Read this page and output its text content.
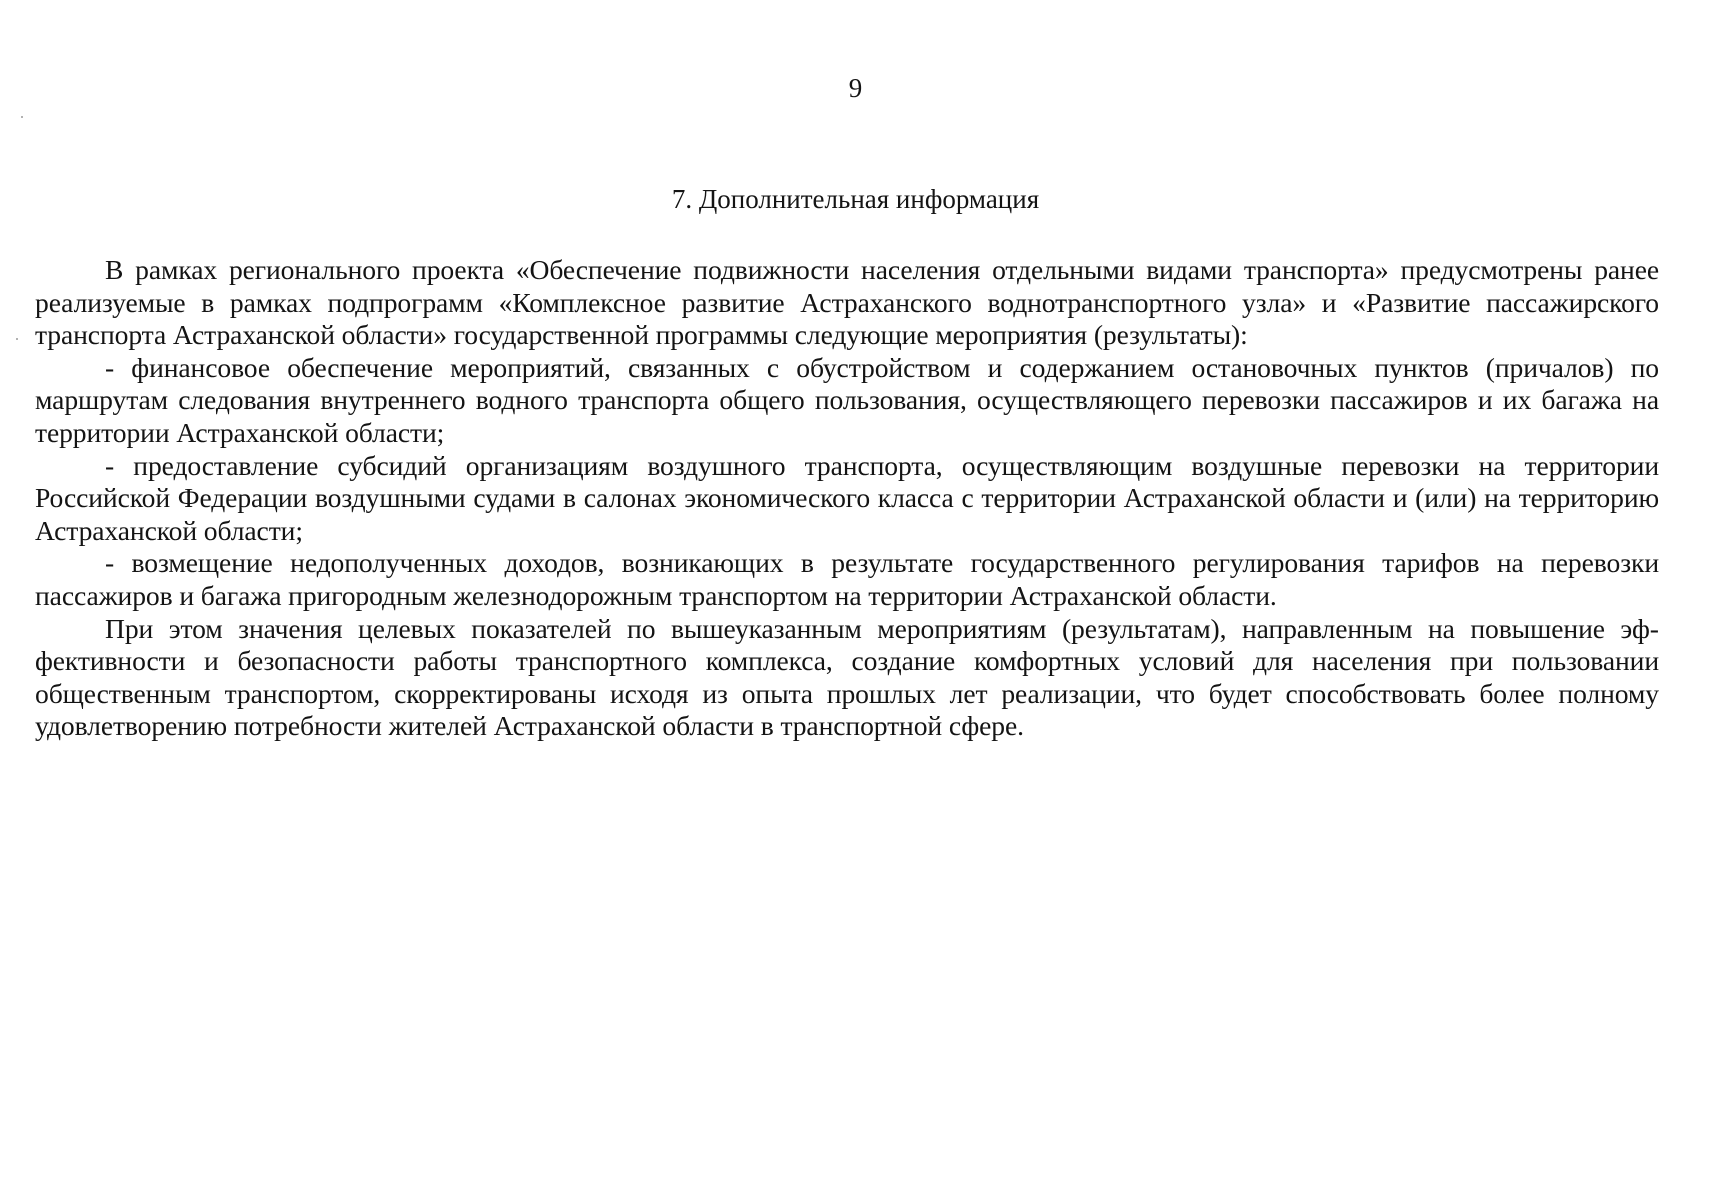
9
7. Дополнительная информация

В рамках регионального проекта «Обеспечение подвижности населения отдельными видами транспорта» предусмотрены ранее реализуемые в рамках подпрограмм «Комплексное развитие Астраханского воднотранспортного узла» и «Развитие пассажирского транспорта Астраханской области» государственной программы следующие мероприятия (результаты):

- финансовое обеспечение мероприятий, связанных с обустройством и содержанием остановочных пунктов (причалов) по маршрутам следования внутреннего водного транспорта общего пользования, осуществляющего перевозки пассажиров и их багажа на территории Астраханской области;

- предоставление субсидий организациям воздушного транспорта, осуществляющим воздушные перевозки на территории Российской Федерации воздушными судами в салонах экономического класса с территории Астраханской области и (или) на территорию Астраханской области;

- возмещение недополученных доходов, возникающих в результате государственного регулирования тарифов на перевозки пассажиров и багажа пригородным железнодорожным транспортом на территории Астраханской области.

При этом значения целевых показателей по вышеуказанным мероприятиям (результатам), направленным на повышение эффективности и безопасности работы транспортного комплекса, создание комфортных условий для населения при пользовании общественным транспортом, скорректированы исходя из опыта прошлых лет реализации, что будет способствовать более полному удовлетворению потребности жителей Астраханской области в транспортной сфере.
